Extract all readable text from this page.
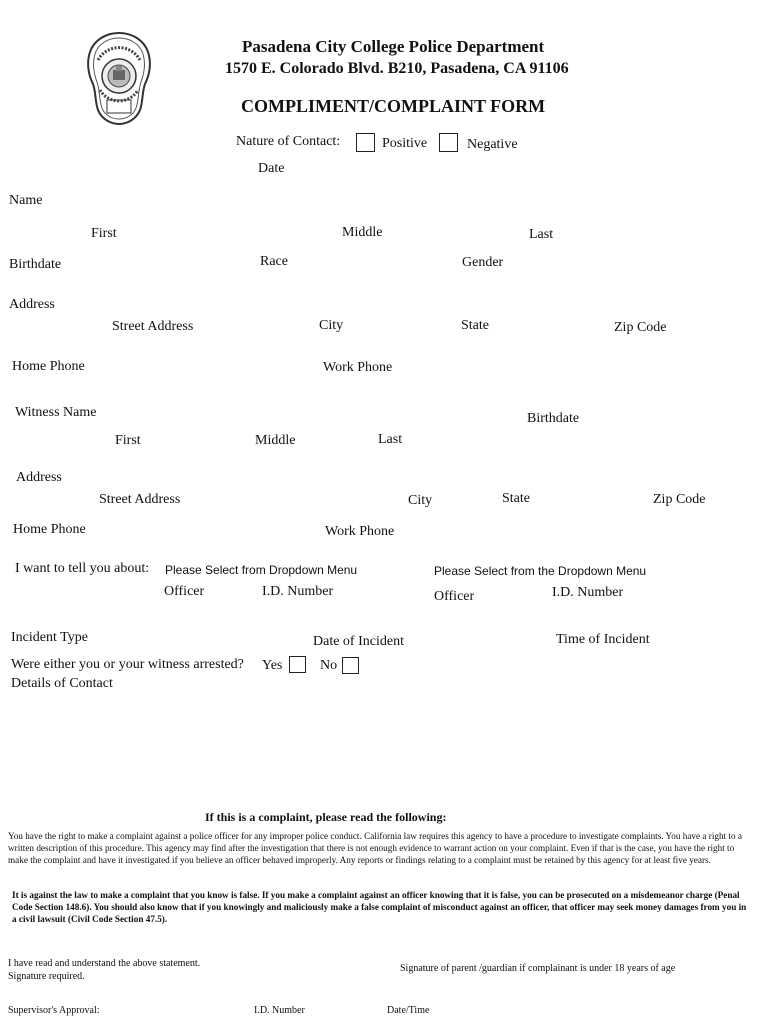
Pasadena City College Police Department
1570 E. Colorado Blvd. B210, Pasadena, CA 91106
COMPLIMENT/COMPLAINT FORM
Nature of Contact:	Positive	Negative
Date
Name
First	Middle	Last
Birthdate	Race	Gender
Address
Street Address	City	State	Zip Code
Home Phone	Work Phone
Witness Name	Birthdate
First	Middle	Last
Address
Street Address	City	State	Zip Code
Home Phone	Work Phone
I want to tell you about: Please Select from Dropdown Menu	Please Select from the Dropdown Menu
Officer	I.D. Number	Officer	I.D. Number
Incident Type	Date of Incident	Time of Incident
Were either you or your witness arrested? Yes	No
Details of Contact
If this is a complaint, please read the following:
You have the right to make a complaint against a police officer for any improper police conduct. California law requires this agency to have a procedure to investigate complaints. You have a right to a written description of this procedure. This agency may find after the investigation that there is not enough evidence to warrant action on your complaint. Even if that is the case, you have the right to make the complaint and have it investigated if you believe an officer behaved improperly. Any reports or findings relating to a complaint must be retained by this agency for at least five years.
It is against the law to make a complaint that you know is false. If you make a complaint against an officer knowing that it is false, you can be prosecuted on a misdemeanor charge (Penal Code Section 148.6). You should also know that if you knowingly and maliciously make a false complaint of misconduct against an officer, that officer may seek money damages from you in a civil lawsuit (Civil Code Section 47.5).
I have read and understand the above statement.
Signature required.
Signature of parent /guardian if complainant is under 18 years of age
Supervisor's Approval:	I.D. Number	Date/Time
